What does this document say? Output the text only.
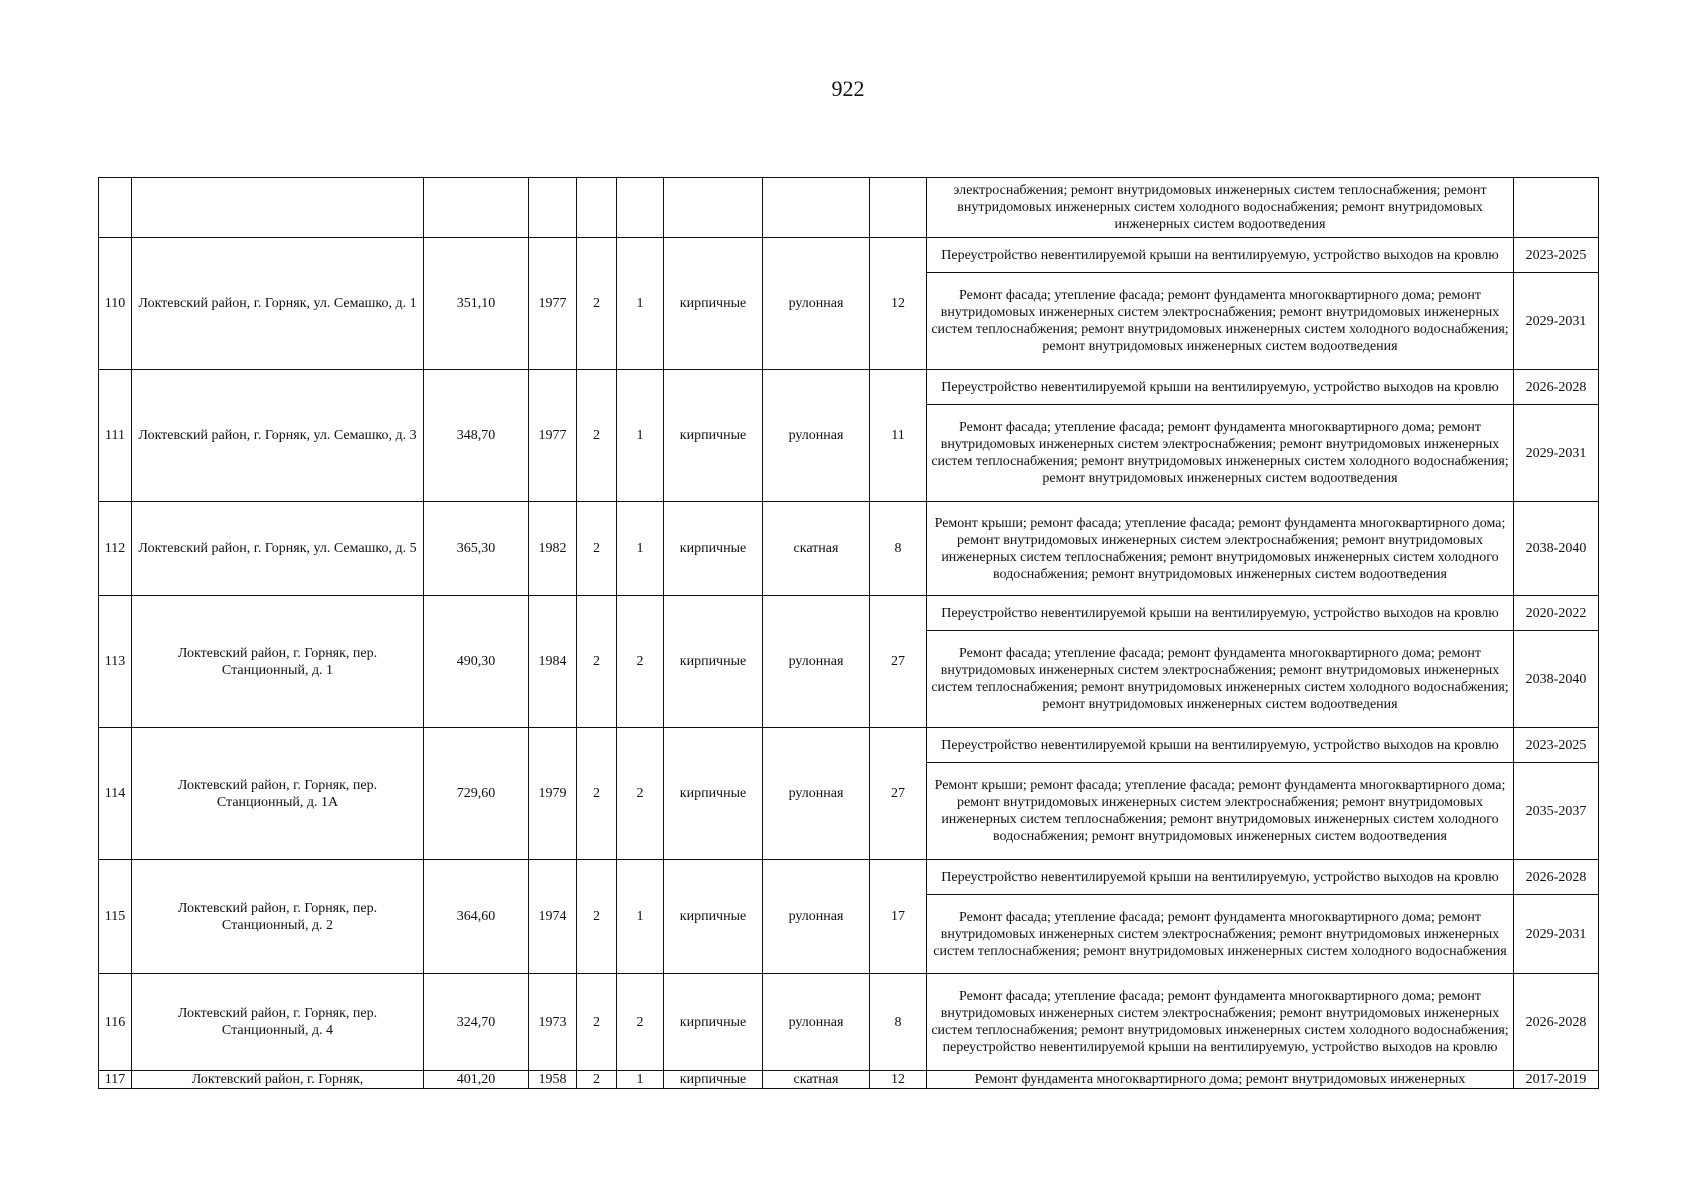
922
									электроснабжения; ремонт внутридомовых инженерных систем теплоснабжения; ремонт внутридомовых инженерных систем холодного водоснабжения; ремонт внутридомовых инженерных систем водоотведения	
110	Локтевский район, г. Горняк, ул. Семашко, д. 1	351,10	1977	2	1	кирпичные	рулонная	12	Переустройство невентилируемой крыши на вентилируемую, устройство выходов на кровлю	2023-2025
									Ремонт фасада; утепление фасада; ремонт фундамента многоквартирного дома; ремонт внутридомовых инженерных систем электроснабжения; ремонт внутридомовых инженерных систем теплоснабжения; ремонт внутридомовых инженерных систем холодного водоснабжения; ремонт внутридомовых инженерных систем водоотведения	2029-2031
111	Локтевский район, г. Горняк, ул. Семашко, д. 3	348,70	1977	2	1	кирпичные	рулонная	11	Переустройство невентилируемой крыши на вентилируемую, устройство выходов на кровлю	2026-2028
									Ремонт фасада; утепление фасада; ремонт фундамента многоквартирного дома; ремонт внутридомовых инженерных систем электроснабжения; ремонт внутридомовых инженерных систем теплоснабжения; ремонт внутридомовых инженерных систем холодного водоснабжения; ремонт внутридомовых инженерных систем водоотведения	2029-2031
112	Локтевский район, г. Горняк, ул. Семашко, д. 5	365,30	1982	2	1	кирпичные	скатная	8	Ремонт крыши; ремонт фасада; утепление фасада; ремонт фундамента многоквартирного дома; ремонт внутридомовых инженерных систем электроснабжения; ремонт внутридомовых инженерных систем теплоснабжения; ремонт внутридомовых инженерных систем холодного водоснабжения; ремонт внутридомовых инженерных систем водоотведения	2038-2040
113	Локтевский район, г. Горняк, пер. Станционный, д. 1	490,30	1984	2	2	кирпичные	рулонная	27	Переустройство невентилируемой крыши на вентилируемую, устройство выходов на кровлю	2020-2022
									Ремонт фасада; утепление фасада; ремонт фундамента многоквартирного дома; ремонт внутридомовых инженерных систем электроснабжения; ремонт внутридомовых инженерных систем теплоснабжения; ремонт внутридомовых инженерных систем холодного водоснабжения; ремонт внутридомовых инженерных систем водоотведения	2038-2040
114	Локтевский район, г. Горняк, пер. Станционный, д. 1А	729,60	1979	2	2	кирпичные	рулонная	27	Переустройство невентилируемой крыши на вентилируемую, устройство выходов на кровлю	2023-2025
									Ремонт крыши; ремонт фасада; утепление фасада; ремонт фундамента многоквартирного дома; ремонт внутридомовых инженерных систем электроснабжения; ремонт внутридомовых инженерных систем теплоснабжения; ремонт внутридомовых инженерных систем холодного водоснабжения; ремонт внутридомовых инженерных систем водоотведения	2035-2037
115	Локтевский район, г. Горняк, пер. Станционный, д. 2	364,60	1974	2	1	кирпичные	рулонная	17	Переустройство невентилируемой крыши на вентилируемую, устройство выходов на кровлю	2026-2028
									Ремонт фасада; утепление фасада; ремонт фундамента многоквартирного дома; ремонт внутридомовых инженерных систем электроснабжения; ремонт внутридомовых инженерных систем теплоснабжения; ремонт внутридомовых инженерных систем холодного водоснабжения	2029-2031
116	Локтевский район, г. Горняк, пер. Станционный, д. 4	324,70	1973	2	2	кирпичные	рулонная	8	Ремонт фасада; утепление фасада; ремонт фундамента многоквартирного дома; ремонт внутридомовых инженерных систем электроснабжения; ремонт внутридомовых инженерных систем теплоснабжения; ремонт внутридомовых инженерных систем холодного водоснабжения; переустройство невентилируемой крыши на вентилируемую, устройство выходов на кровлю	2026-2028
117	Локтевский район, г. Горняк,	401,20	1958	2	1	кирпичные	скатная	12	Ремонт фундамента многоквартирного дома; ремонт внутридомовых инженерных	2017-2019
